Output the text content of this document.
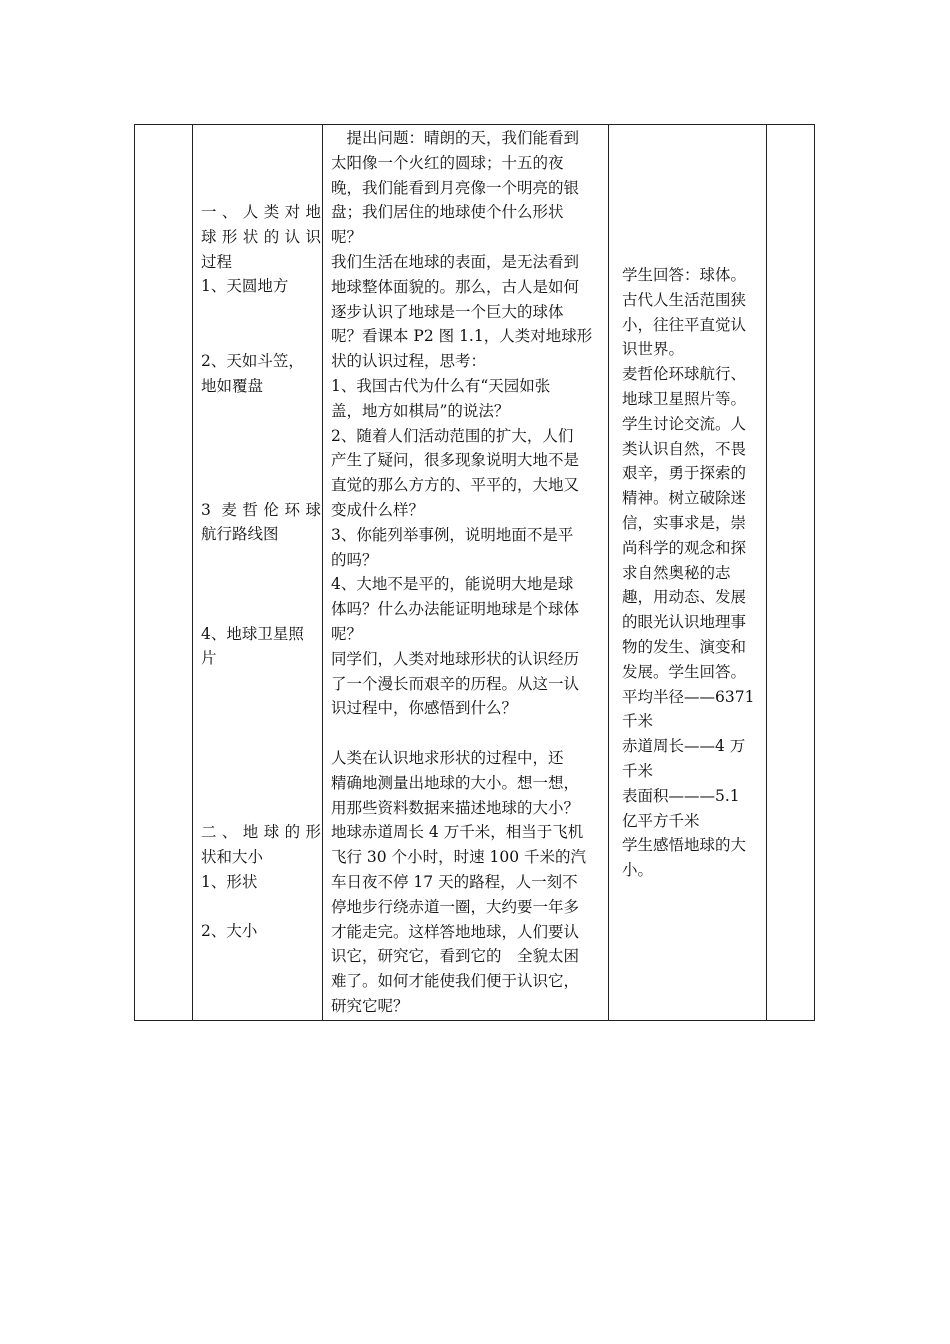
一、人类对地
球形状的认识
过程
1、天圆地方
2、天如斗笠，
地如覆盘
3 麦哲伦环球
航行路线图
4、地球卫星照
片
二、地球的形
状和大小
1、形状
2、大小
　提出问题：晴朗的天，我们能看到
太阳像一个火红的圆球；十五的夜
晚，我们能看到月亮像一个明亮的银
盘；我们居住的地球使个什么形状
呢？
我们生活在地球的表面，是无法看到
地球整体面貌的。那么，古人是如何
逐步认识了地球是一个巨大的球体
呢？看课本 P2 图 1.1，人类对地球形
状的认识过程，思考：
1、我国古代为什么有“天园如张
盖，地方如棋局”的说法？
2、随着人们活动范围的扩大，人们
产生了疑问，很多现象说明大地不是
直觉的那么方方的、平平的，大地又
变成什么样？
3、你能列举事例，说明地面不是平
的吗？
4、大地不是平的，能说明大地是球
体吗？什么办法能证明地球是个球体
呢？
同学们，人类对地球形状的认识经历
了一个漫长而艰辛的历程。从这一认
识过程中，你感悟到什么？
人类在认识地求形状的过程中，还
精确地测量出地球的大小。想一想，
用那些资料数据来描述地球的大小？
地球赤道周长 4 万千米，相当于飞机
飞行 30 个小时，时速 100 千米的汽
车日夜不停 17 天的路程，人一刻不
停地步行绕赤道一圈，大约要一年多
才能走完。这样答地地球，人们要认
识它，研究它，看到它的　全貌太困
难了。如何才能使我们便于认识它，
研究它呢？
学生回答：球体。
古代人生活范围狭
小，往往平直觉认
识世界。
麦哲伦环球航行、
地球卫星照片等。
学生讨论交流。人
类认识自然，不畏
艰辛，勇于探索的
精神。树立破除迷
信，实事求是，崇
尚科学的观念和探
求自然奥秘的志
趣，用动态、发展
的眼光认识地理事
物的发生、演变和
发展。学生回答。
平均半径——6371
千米
赤道周长——4 万
千米
表面积———5.1
亿平方千米
学生感悟地球的大
小。
